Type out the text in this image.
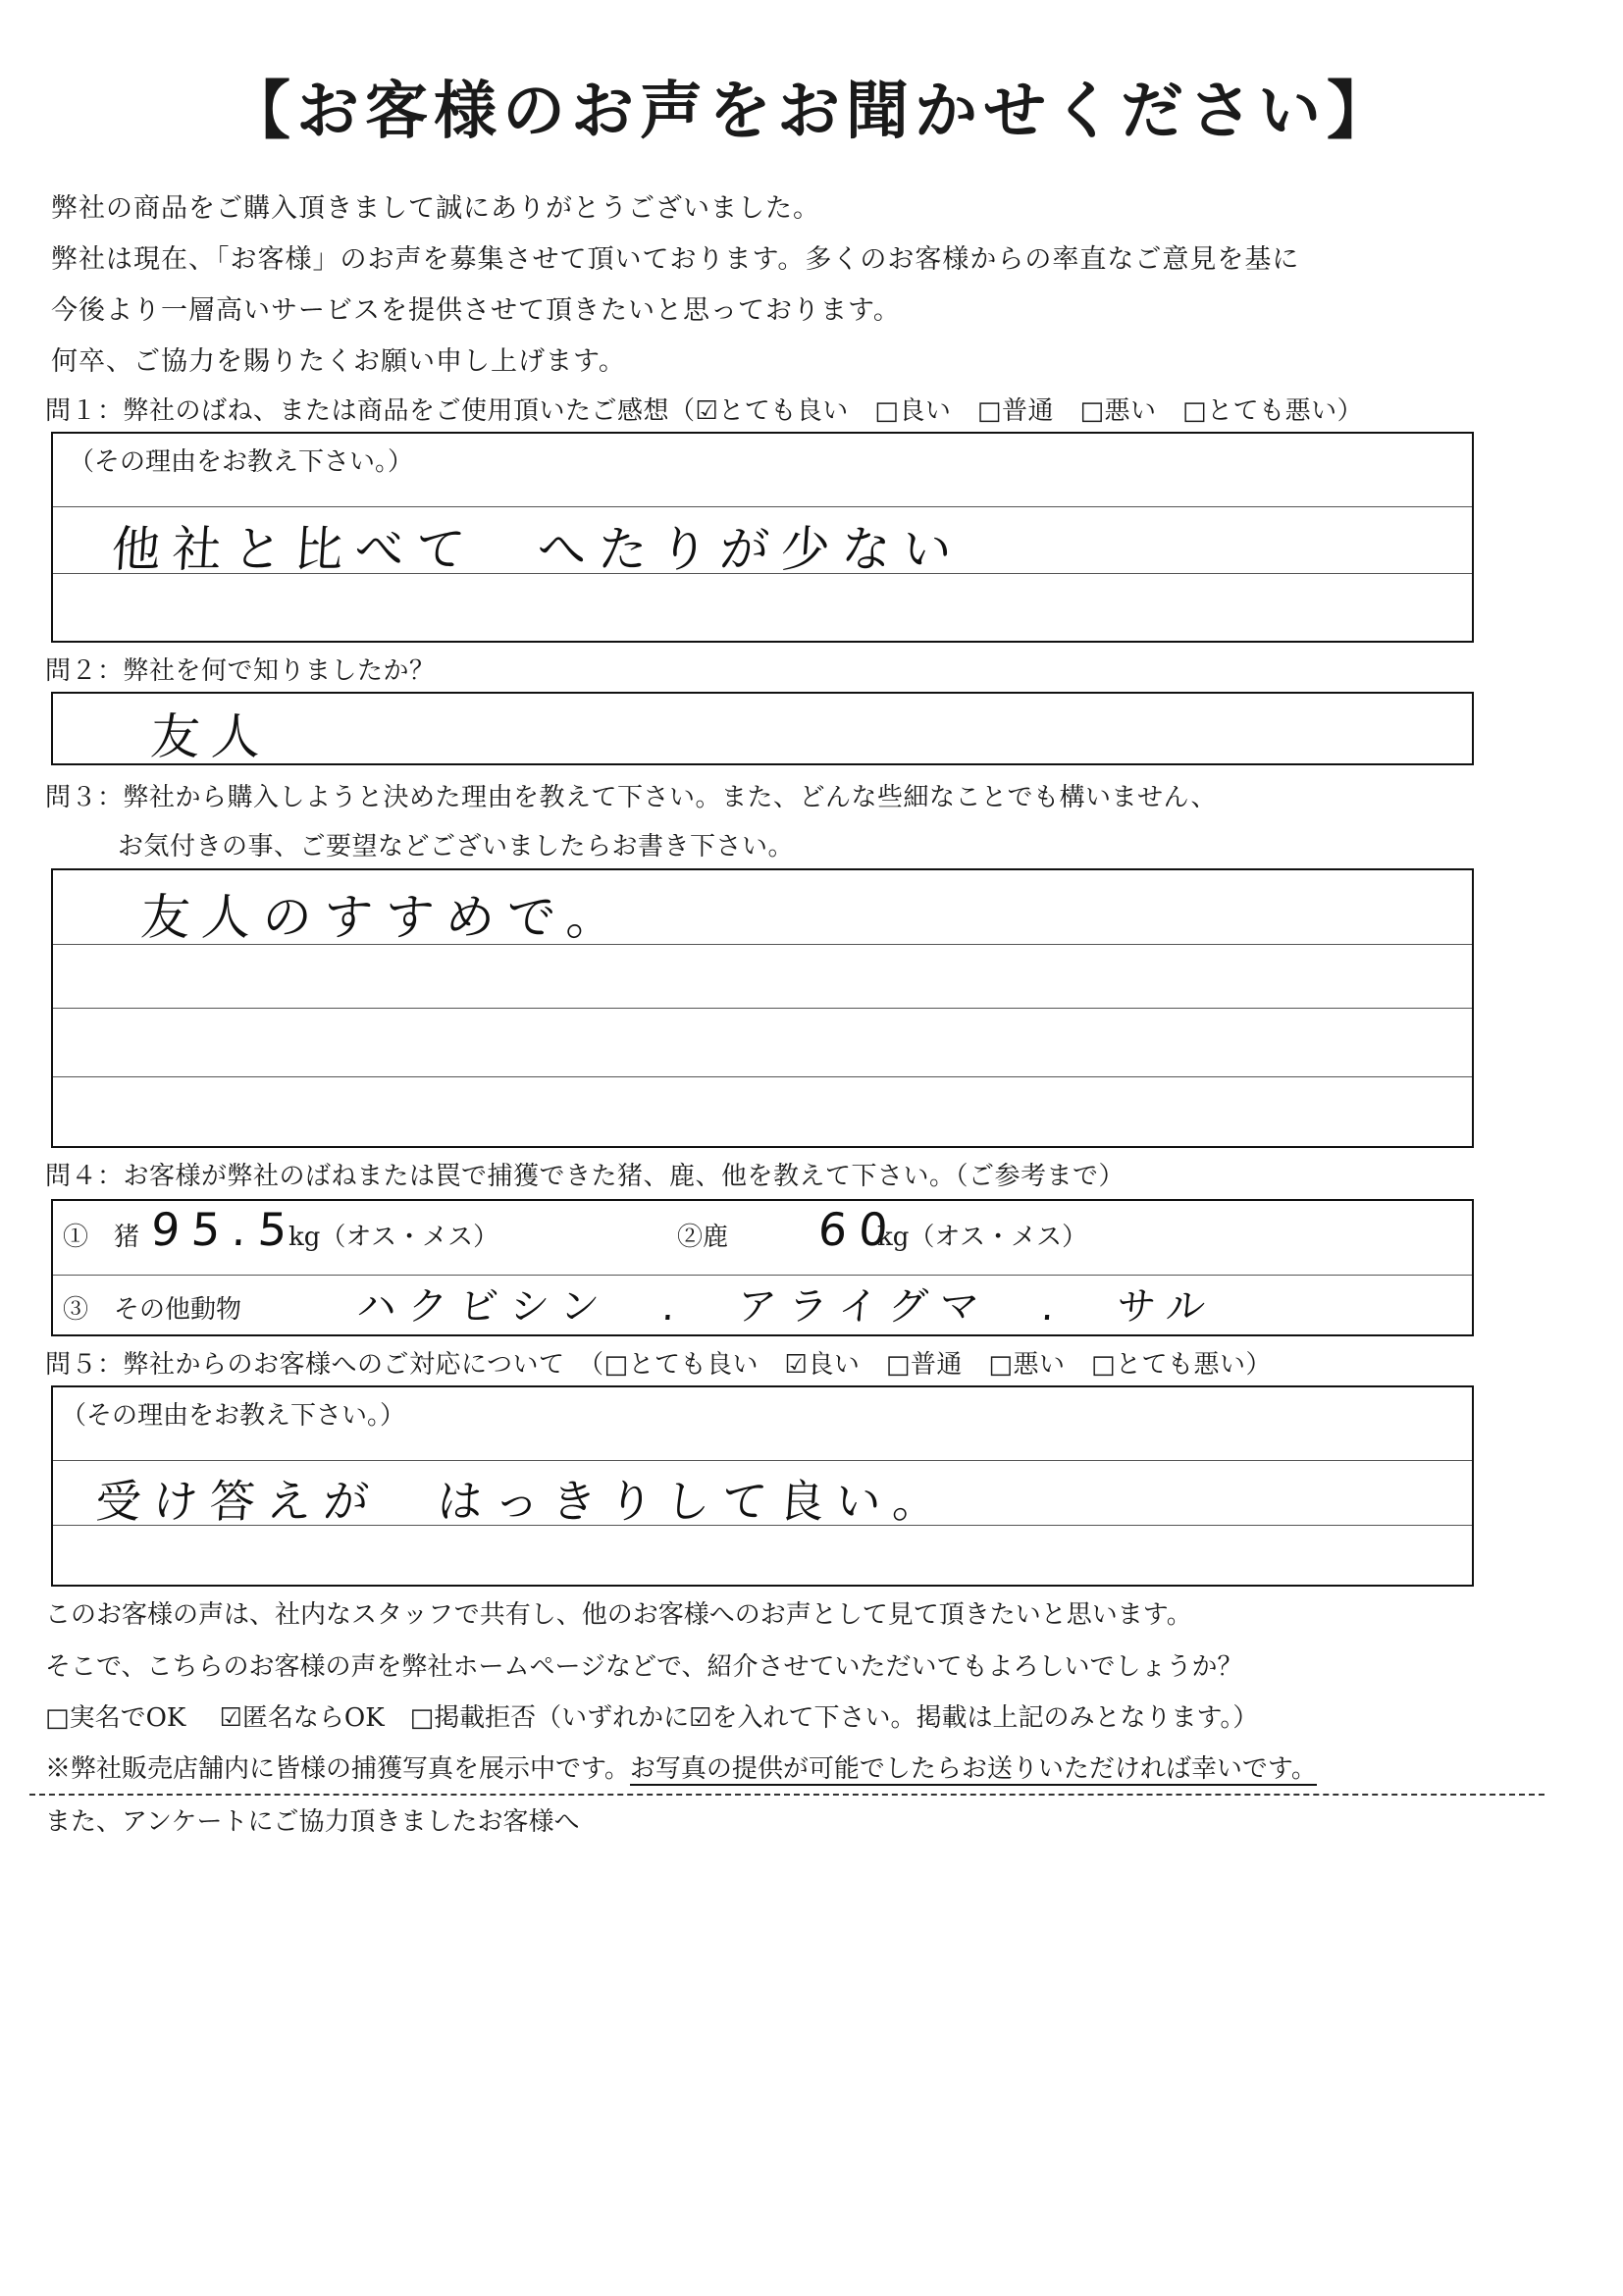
【お客様のお声をお聞かせください】
弊社の商品をご購入頂きまして誠にありがとうございました。
弊社は現在、「お客様」のお声を募集させて頂いております。多くのお客様からの率直なご意見を基に
今後より一層高いサービスを提供させて頂きたいと思っております。
何卒、ご協力を賜りたくお願い申し上げます。
問１：弊社のばね、または商品をご使用頂いたご感想（☑とても良い　□良い　□普通　□悪い　□とても悪い）
（その理由をお教え下さい。）
他社と比べて　へたりが少ない
問２：弊社を何で知りましたか？
友人
問３：弊社から購入しようと決めた理由を教えて下さい。また、どんな些細なことでも構いません、
お気付きの事、ご要望などございましたらお書き下さい。
友人のすすめで。
問４：お客様が弊社のばねまたは罠で捕獲できた猪、鹿、他を教えて下さい。（ご参考まで）
①　猪 95.5
kg（オス・メス）	②鹿 60
kg（オス・メス）
③　その他動物	ハクビシン　.　アライグマ　.　サル
問５：弊社からのお客様へのご対応について　（□とても良い　☑良い　□普通　□悪い　□とても悪い）
（その理由をお教え下さい。）
受け答えが　はっきりして良い。
このお客様の声は、社内なスタッフで共有し、他のお客様へのお声として見て頂きたいと思います。
そこで、こちらのお客様の声を弊社ホームページなどで、紹介させていただいてもよろしいでしょうか？
□実名でOK　 ☑匿名ならOK　□掲載拒否（いずれかに☑を入れて下さい。掲載は上記のみとなります。）
※弊社販売店舗内に皆様の捕獲写真を展示中です。お写真の提供が可能でしたらお送りいただければ幸いです。
また、アンケートにご協力頂きましたお客様へ
